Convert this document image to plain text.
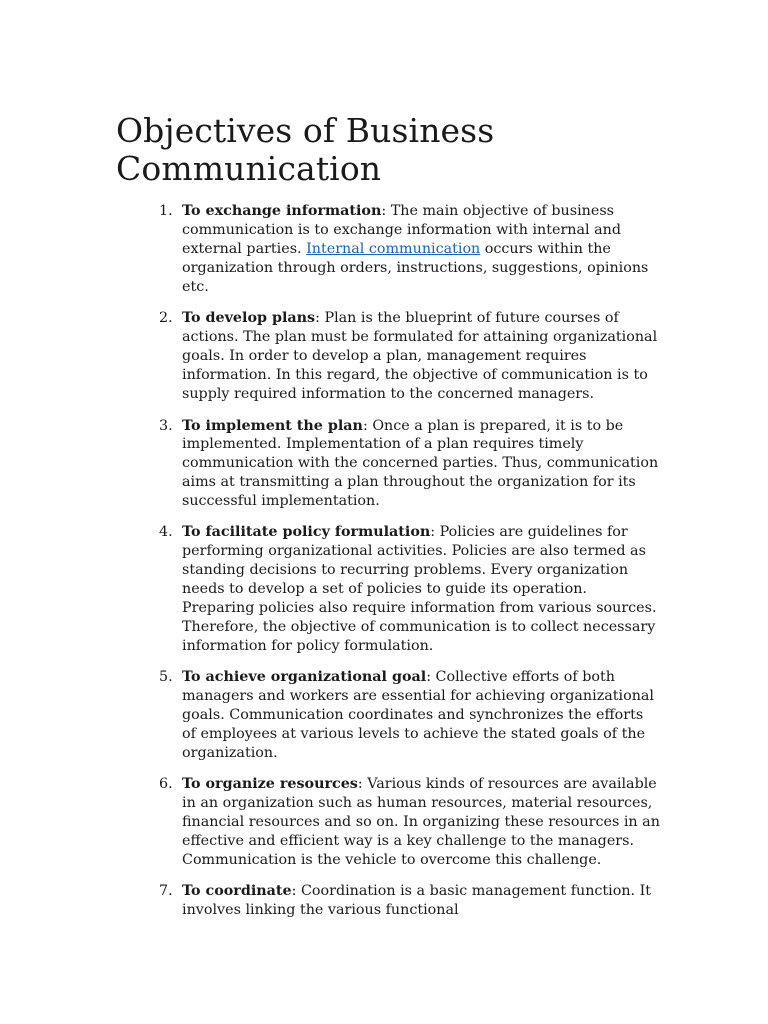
Objectives of Business Communication
1. To exchange information: The main objective of business communication is to exchange information with internal and external parties. Internal communication occurs within the organization through orders, instructions, suggestions, opinions etc.
2. To develop plans: Plan is the blueprint of future courses of actions. The plan must be formulated for attaining organizational goals. In order to develop a plan, management requires information. In this regard, the objective of communication is to supply required information to the concerned managers.
3. To implement the plan: Once a plan is prepared, it is to be implemented. Implementation of a plan requires timely communication with the concerned parties. Thus, communication aims at transmitting a plan throughout the organization for its successful implementation.
4. To facilitate policy formulation: Policies are guidelines for performing organizational activities. Policies are also termed as standing decisions to recurring problems. Every organization needs to develop a set of policies to guide its operation. Preparing policies also require information from various sources. Therefore, the objective of communication is to collect necessary information for policy formulation.
5. To achieve organizational goal: Collective efforts of both managers and workers are essential for achieving organizational goals. Communication coordinates and synchronizes the efforts of employees at various levels to achieve the stated goals of the organization.
6. To organize resources: Various kinds of resources are available in an organization such as human resources, material resources, financial resources and so on. In organizing these resources in an effective and efficient way is a key challenge to the managers. Communication is the vehicle to overcome this challenge.
7. To coordinate: Coordination is a basic management function. It involves linking the various functional
